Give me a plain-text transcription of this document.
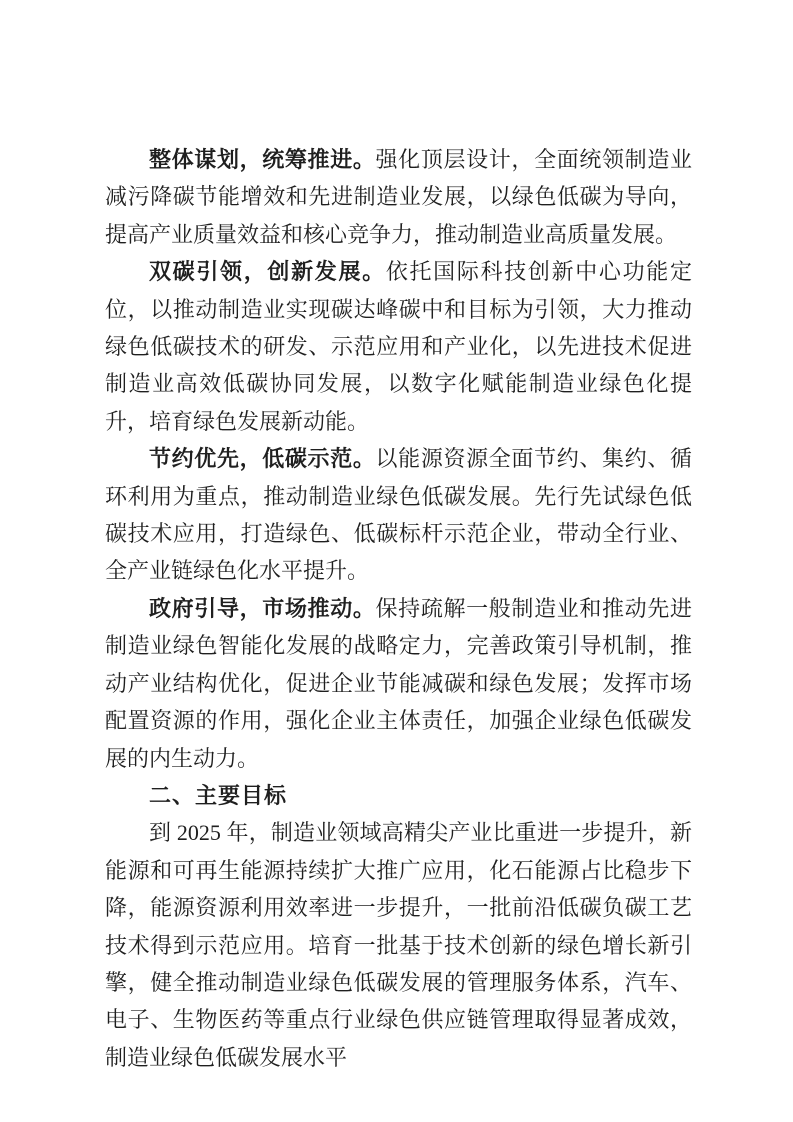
整体谋划，统筹推进。强化顶层设计，全面统领制造业减污降碳节能增效和先进制造业发展，以绿色低碳为导向，提高产业质量效益和核心竞争力，推动制造业高质量发展。

双碳引领，创新发展。依托国际科技创新中心功能定位，以推动制造业实现碳达峰碳中和目标为引领，大力推动绿色低碳技术的研发、示范应用和产业化，以先进技术促进制造业高效低碳协同发展，以数字化赋能制造业绿色化提升，培育绿色发展新动能。

节约优先，低碳示范。以能源资源全面节约、集约、循环利用为重点，推动制造业绿色低碳发展。先行先试绿色低碳技术应用，打造绿色、低碳标杆示范企业，带动全行业、全产业链绿色化水平提升。

政府引导，市场推动。保持疏解一般制造业和推动先进制造业绿色智能化发展的战略定力，完善政策引导机制，推动产业结构优化，促进企业节能减碳和绿色发展；发挥市场配置资源的作用，强化企业主体责任，加强企业绿色低碳发展的内生动力。

二、主要目标

到 2025 年，制造业领域高精尖产业比重进一步提升，新能源和可再生能源持续扩大推广应用，化石能源占比稳步下降，能源资源利用效率进一步提升，一批前沿低碳负碳工艺技术得到示范应用。培育一批基于技术创新的绿色增长新引擎，健全推动制造业绿色低碳发展的管理服务体系，汽车、电子、生物医药等重点行业绿色供应链管理取得显著成效，制造业绿色低碳发展水平
